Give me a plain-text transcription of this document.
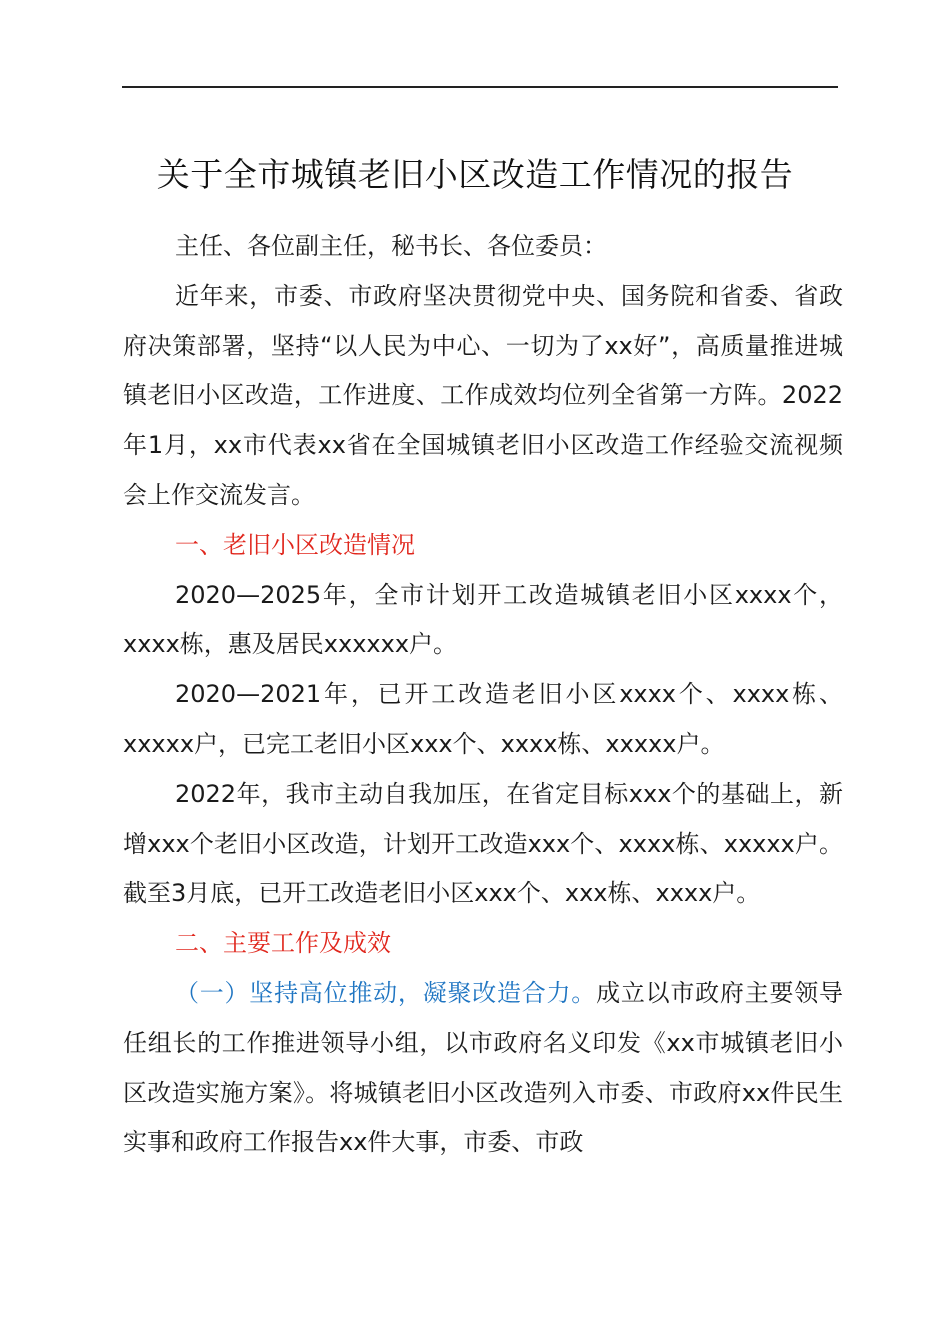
关于全市城镇老旧小区改造工作情况的报告

主任、各位副主任，秘书长、各位委员：

近年来，市委、市政府坚决贯彻党中央、国务院和省委、省政府决策部署，坚持“以人民为中心、一切为了xx好”，高质量推进城镇老旧小区改造，工作进度、工作成效均位列全省第一方阵。2022年1月，xx市代表xx省在全国城镇老旧小区改造工作经验交流视频会上作交流发言。

一、老旧小区改造情况

2020—2025年，全市计划开工改造城镇老旧小区xxxx个，xxxx栋，惠及居民xxxxxx户。

2020—2021年，已开工改造老旧小区xxxx个、xxxx栋、xxxxx户，已完工老旧小区xxx个、xxxx栋、xxxxx户。

2022年，我市主动自我加压，在省定目标xxx个的基础上，新增xxx个老旧小区改造，计划开工改造xxx个、xxxx栋、xxxxx户。截至3月底，已开工改造老旧小区xxx个、xxx栋、xxxx户。

二、主要工作及成效

（一）坚持高位推动，凝聚改造合力。成立以市政府主要领导任组长的工作推进领导小组，以市政府名义印发《xx市城镇老旧小区改造实施方案》。将城镇老旧小区改造列入市委、市政府xx件民生实事和政府工作报告xx件大事，市委、市政
